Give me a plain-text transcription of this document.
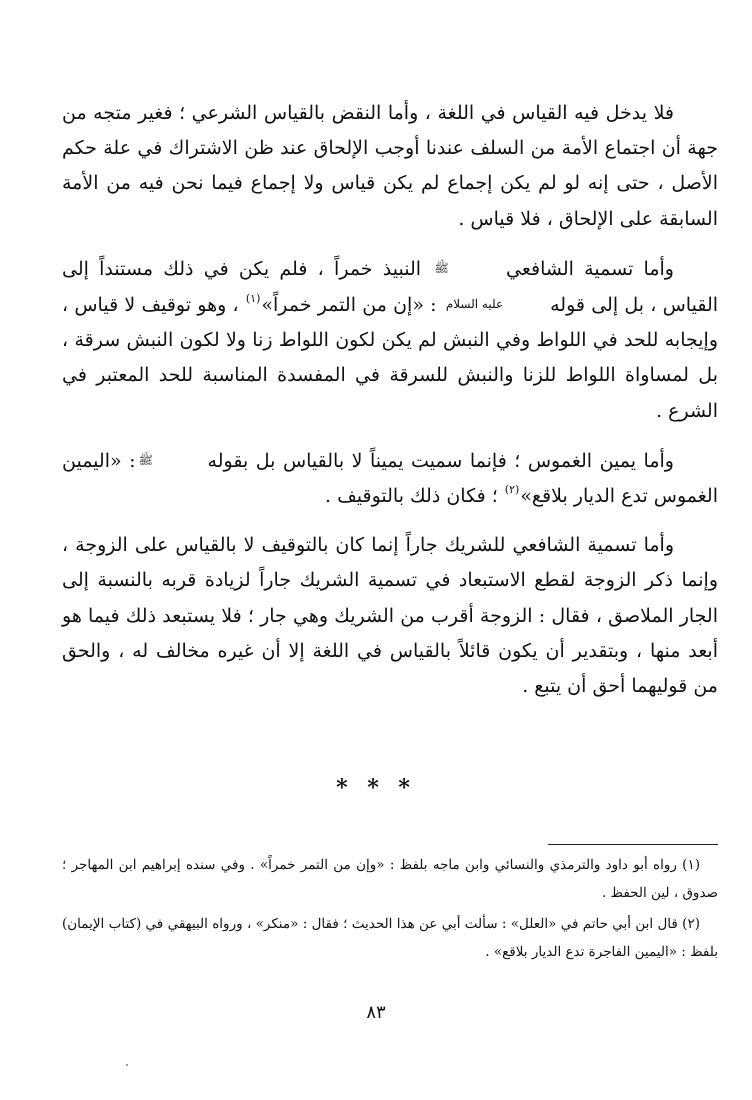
فلا يدخل فيه القياس في اللغة ، وأما النقض بالقياس الشرعي ؛ فغير متجه من جهة أن اجتماع الأمة من السلف عندنا أوجب الإلحاق عند ظن الاشتراك في علة حكم الأصل ، حتى إنه لو لم يكن إجماع لم يكن قياس ولا إجماع فيما نحن فيه من الأمة السابقة على الإلحاق ، فلا قياس .

وأما تسمية الشافعي ﷺ النبيذ خمراً ، فلم يكن في ذلك مستنداً إلى القياس ، بل إلى قولهعليه السلام : «إن من التمر خمراً»$^{(١)}$ ، وهو توقيف لا قياس ، وإيجابه للحد في اللواط وفي النبش لم يكن لكون اللواط زنا ولا لكون النبش سرقة ، بل لمساواة اللواط للزنا والنبش للسرقة في المفسدة المناسبة للحد المعتبر في الشرع .

وأما يمين الغموس ؛ فإنما سميت يميناً لا بالقياس بل بقوله ﷺ: «اليمين الغموس تدع الديار بلاقع»$^{(٢)}$ ؛ فكان ذلك بالتوقيف .

وأما تسمية الشافعي للشريك جاراً إنما كان بالتوقيف لا بالقياس على الزوجة ، وإنما ذكر الزوجة لقطع الاستبعاد في تسمية الشريك جاراً لزيادة قربه بالنسبة إلى الجار الملاصق ، فقال : الزوجة أقرب من الشريك وهي جار ؛ فلا يستبعد ذلك فيما هو أبعد منها ، وبتقدير أن يكون قائلاً بالقياس في اللغة إلا أن غيره مخالف له ، والحق من قوليهما أحق أن يتبع .

* * *

(١) رواه أبو داود والترمذي والنسائي وابن ماجه بلفظ : «وإن من التمر خمراً» . وفي سنده إبراهيم ابن المهاجر ؛ صدوق ، لين الحفظ .

(٢) قال ابن أبي حاتم في «العلل» : سألت أبي عن هذا الحديث ؛ فقال : «منكر» ، ورواه البيهقي في (كتاب الإيمان) بلفظ : «اليمين الفاجرة تدع الديار بلاقع» .

٨٣
